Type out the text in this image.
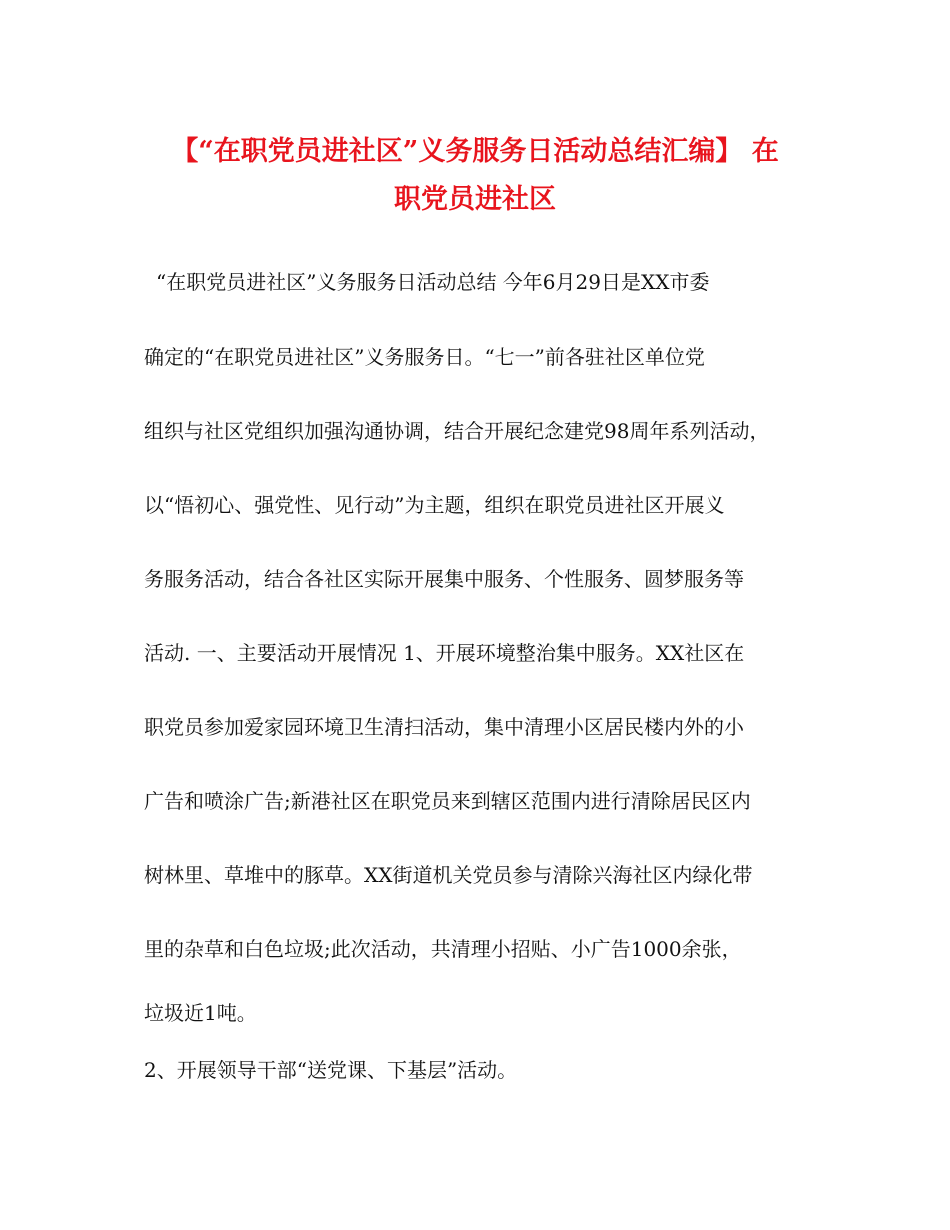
【“在职党员进社区”义务服务日活动总结汇编】 在
职党员进社区
“在职党员进社区”义务服务日活动总结 今年6月29日是XX市委
确定的“在职党员进社区”义务服务日。“七一”前各驻社区单位党
组织与社区党组织加强沟通协调，结合开展纪念建党98周年系列活动，
以“悟初心、强党性、见行动”为主题，组织在职党员进社区开展义
务服务活动，结合各社区实际开展集中服务、个性服务、圆梦服务等
活动. 一、主要活动开展情况 1、开展环境整治集中服务。XX社区在
职党员参加爱家园环境卫生清扫活动，集中清理小区居民楼内外的小
广告和喷涂广告;新港社区在职党员来到辖区范围内进行清除居民区内
树林里、草堆中的豚草。XX街道机关党员参与清除兴海社区内绿化带
里的杂草和白色垃圾;此次活动，共清理小招贴、小广告1000余张，
垃圾近1吨。
2、开展领导干部“送党课、下基层”活动。
